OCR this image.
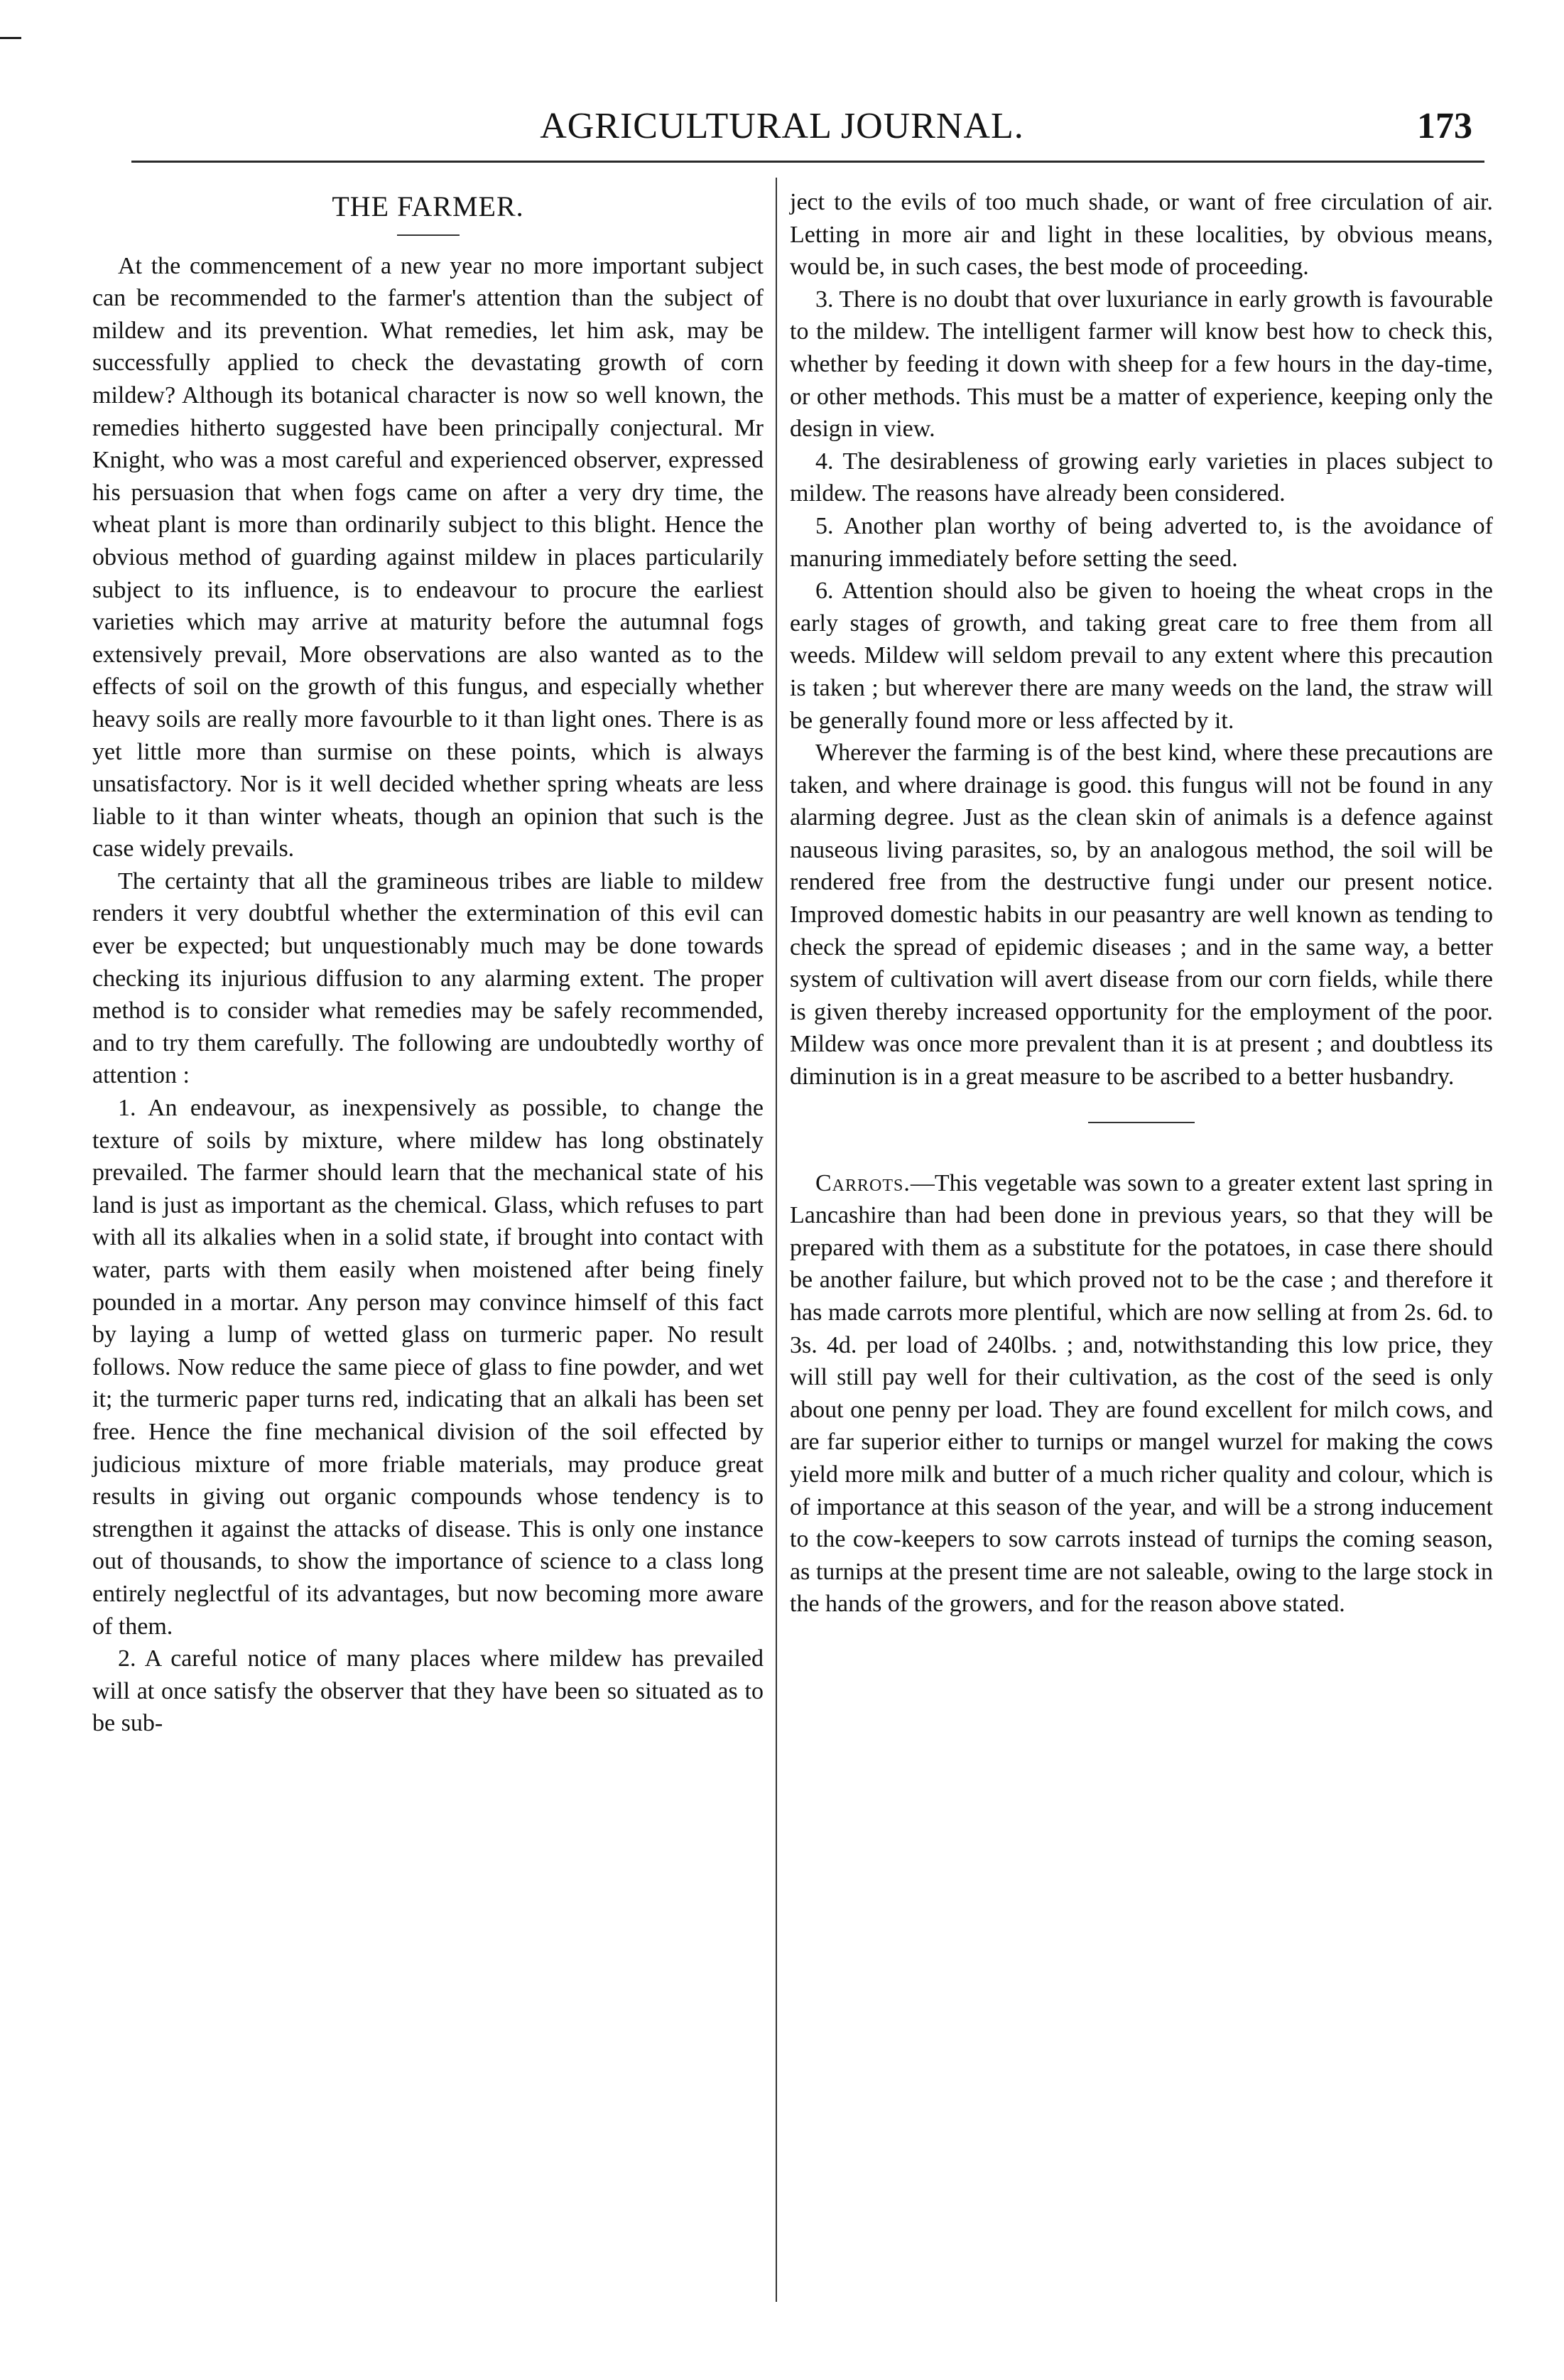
AGRICULTURAL JOURNAL.	173
THE FARMER.

At the commencement of a new year no more important subject can be recommended to the farmer's attention than the subject of mildew and its prevention. What remedies, let him ask, may be successfully applied to check the devastating growth of corn mildew? Although its botanical character is now so well known, the remedies hitherto suggested have been principally conjectural. Mr Knight, who was a most careful and experienced observer, expressed his persuasion that when fogs came on after a very dry time, the wheat plant is more than ordinarily subject to this blight. Hence the obvious method of guarding against mildew in places particularily subject to its influence, is to endeavour to procure the earliest varieties which may arrive at maturity before the autumnal fogs extensively prevail, More observations are also wanted as to the effects of soil on the growth of this fungus, and especially whether heavy soils are really more favourble to it than light ones. There is as yet little more than surmise on these points, which is always unsatisfactory. Nor is it well decided whether spring wheats are less liable to it than winter wheats, though an opinion that such is the case widely prevails.

The certainty that all the gramineous tribes are liable to mildew renders it very doubtful whether the extermination of this evil can ever be expected; but unquestionably much may be done towards checking its injurious diffusion to any alarming extent. The proper method is to consider what remedies may be safely recommended, and to try them carefully. The following are undoubtedly worthy of attention :

1. An endeavour, as inexpensively as possible, to change the texture of soils by mixture, where mildew has long obstinately prevailed. The farmer should learn that the mechanical state of his land is just as important as the chemical. Glass, which refuses to part with all its alkalies when in a solid state, if brought into contact with water, parts with them easily when moistened after being finely pounded in a mortar. Any person may convince himself of this fact by laying a lump of wetted glass on turmeric paper. No result follows. Now reduce the same piece of glass to fine powder, and wet it; the turmeric paper turns red, indicating that an alkali has been set free. Hence the fine mechanical division of the soil effected by judicious mixture of more friable materials, may produce great results in giving out organic compounds whose tendency is to strengthen it against the attacks of disease. This is only one instance out of thousands, to show the importance of science to a class long entirely neglectful of its advantages, but now becoming more aware of them.

2. A careful notice of many places where mildew has prevailed will at once satisfy the observer that they have been so situated as to be sub-

ject to the evils of too much shade, or want of free circulation of air. Letting in more air and light in these localities, by obvious means, would be, in such cases, the best mode of proceeding.

3. There is no doubt that over luxuriance in early growth is favourable to the mildew. The intelligent farmer will know best how to check this, whether by feeding it down with sheep for a few hours in the day-time, or other methods. This must be a matter of experience, keeping only the design in view.

4. The desirableness of growing early varieties in places subject to mildew. The reasons have already been considered.

5. Another plan worthy of being adverted to, is the avoidance of manuring immediately before setting the seed.

6. Attention should also be given to hoeing the wheat crops in the early stages of growth, and taking great care to free them from all weeds. Mildew will seldom prevail to any extent where this precaution is taken ; but wherever there are many weeds on the land, the straw will be generally found more or less affected by it.

Wherever the farming is of the best kind, where these precautions are taken, and where drainage is good. this fungus will not be found in any alarming degree. Just as the clean skin of animals is a defence against nauseous living parasites, so, by an analogous method, the soil will be rendered free from the destructive fungi under our present notice. Improved domestic habits in our peasantry are well known as tending to check the spread of epidemic diseases ; and in the same way, a better system of cultivation will avert disease from our corn fields, while there is given thereby increased opportunity for the employment of the poor. Mildew was once more prevalent than it is at present ; and doubtless its diminution is in a great measure to be ascribed to a better husbandry.

Carrots.—This vegetable was sown to a greater extent last spring in Lancashire than had been done in previous years, so that they will be prepared with them as a substitute for the potatoes, in case there should be another failure, but which proved not to be the case ; and therefore it has made carrots more plentiful, which are now selling at from 2s. 6d. to 3s. 4d. per load of 240lbs. ; and, notwithstanding this low price, they will still pay well for their cultivation, as the cost of the seed is only about one penny per load. They are found excellent for milch cows, and are far superior either to turnips or mangel wurzel for making the cows yield more milk and butter of a much richer quality and colour, which is of importance at this season of the year, and will be a strong inducement to the cow-keepers to sow carrots instead of turnips the coming season, as turnips at the present time are not saleable, owing to the large stock in the hands of the growers, and for the reason above stated.
